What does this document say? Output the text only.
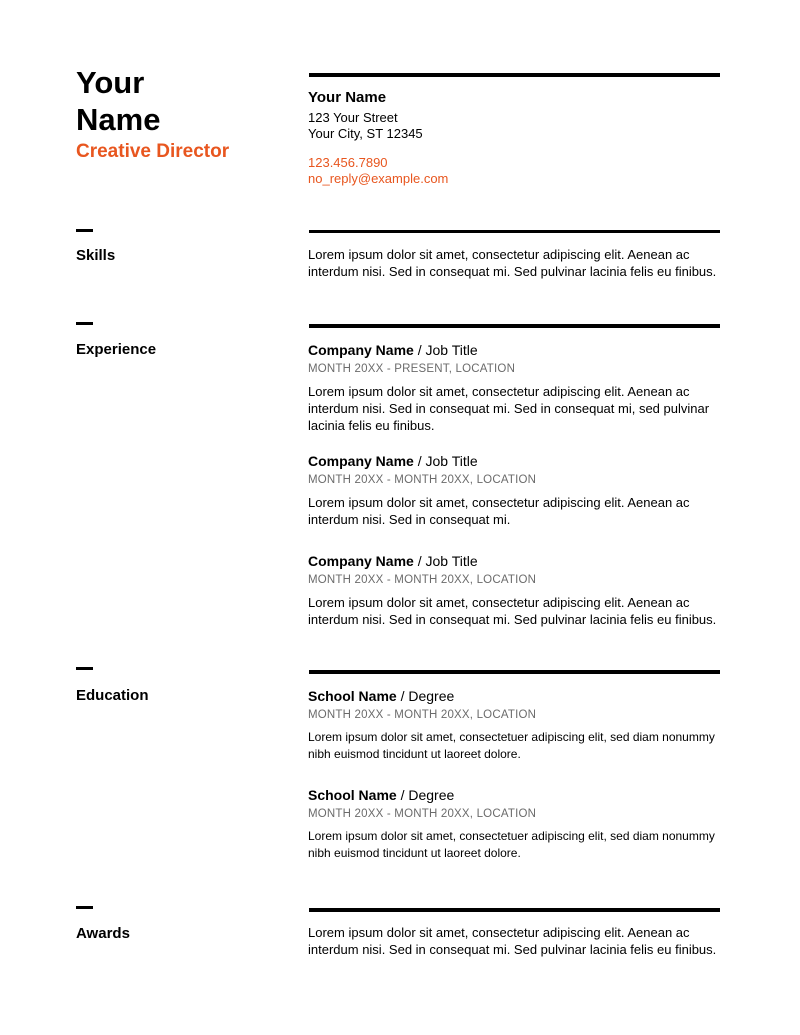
Your
Name
Creative Director

Your Name

123 Your Street
Your City, ST 12345
123.456.7890
no_reply@example.com
Skills	Lorem ipsum dolor sit amet, consectetur adipiscing elit. Aenean ac interdum nisi. Sed in consequat mi. Sed pulvinar lacinia felis eu finibus.

Experience	Company Name / Job Title

MONTH 20XX - PRESENT, LOCATION

Lorem ipsum dolor sit amet, consectetur adipiscing elit. Aenean ac interdum nisi. Sed in consequat mi. Sed in consequat mi, sed pulvinar lacinia felis eu finibus.

Company Name / Job Title

MONTH 20XX - MONTH 20XX, LOCATION

Lorem ipsum dolor sit amet, consectetur adipiscing elit. Aenean ac interdum nisi. Sed in consequat mi.

Company Name / Job Title

MONTH 20XX - MONTH 20XX, LOCATION

Lorem ipsum dolor sit amet, consectetur adipiscing elit. Aenean ac interdum nisi. Sed in consequat mi. Sed pulvinar lacinia felis eu finibus.

Education	School Name / Degree

MONTH 20XX - MONTH 20XX, LOCATION

Lorem ipsum dolor sit amet, consectetuer adipiscing elit, sed diam nonummy nibh euismod tincidunt ut laoreet dolore.

School Name / Degree

MONTH 20XX - MONTH 20XX, LOCATION

Lorem ipsum dolor sit amet, consectetuer adipiscing elit, sed diam nonummy nibh euismod tincidunt ut laoreet dolore.

Awards	Lorem ipsum dolor sit amet, consectetur adipiscing elit. Aenean ac interdum nisi. Sed in consequat mi. Sed pulvinar lacinia felis eu finibus.
